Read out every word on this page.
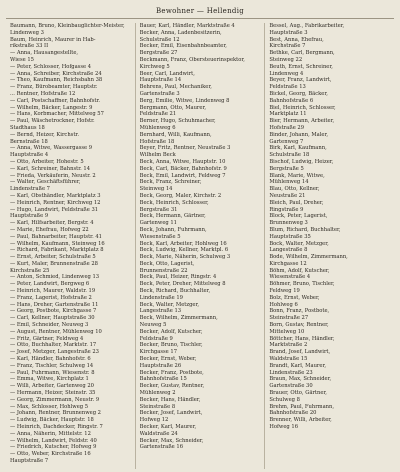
Bewohner — Hellendig
Baumann, Bruno, Kleinbauglichter-Meister,
Lindenweg 3
Baum, Heinrich, Maurer in Hab-
rikstraße 33 II
— Anna, Hausangestellte,
Wiese 15
— Peter, Schlosser, Hofgasse 4
— Anna, Schreiber, Kirchstraße 24
— Theo, Kaufmann, Reichsbahn 38
— Franz, Bürobeamter, Hauptstr.
... Rentner, Hofstraße 12
— Carl, Postschaffner, Bahnhofstr.
— Wilhelm, Bäcker, Langestr. 9
— Hans, Korbmacher, Mittelweg 57
— Paul, Wäschetrockner, Hofstr.
Stadthaus 18
— Bernd, Heizer, Kirchstr.
Bernstraße 18
— Anna, Witwe, Wassergasse 9
Hauptstraße 4
— Otto, Arbeiter, Hohestr. 5
— Karl, Schreiner, Bahnstr. 14
— Frieda, Verkäuferin, Neustr. 2
— Walter, Geschäftsführer,
Lindenstraße 7
— Karl, Obsthändler, Marktplatz 3
— Heinrich, Rentner, Kirchweg 12
— Hugo, Landwirt, Feldstraße 31
Hauptstraße 9
— Karl, Hilfsarbeiter, Bergstr. 4
— Marie, Ehefrau, Hofweg 22
— Paul, Bahnarbeiter, Hauptstr. 41
— Wilhelm, Kaufmann, Steinweg 16
— Richard, Fabrikant, Marktplatz 8
— Ernst, Arbeiter, Schulstraße 5
— Kurt, Maler, Brunnenstraße 28
Kirchstraße 25
— Anton, Schmied, Lindenweg 13
— Peter, Landwirt, Bergweg 6
— Heinrich, Maurer, Waldstr. 19
— Franz, Lagerist, Hofstraße 2
— Hans, Dreher, Gartenstraße 11
— Georg, Postbote, Kirchgasse 7
— Carl, Kellner, Hauptstraße 30
— Emil, Schneider, Neuweg 3
— August, Rentner, Mühlenweg 10
— Fritz, Gärtner, Feldweg 4
— Otto, Buchhalter, Marktstr. 17
— Josef, Metzger, Langestraße 23
— Karl, Händler, Bahnhofstr. 6
— Franz, Tischler, Schulweg 14
— Paul, Fuhrmann, Wiesenstr. 8
— Emma, Witwe, Kirchplatz 1
— Willi, Arbeiter, Gartenweg 20
— Hermann, Heizer, Steinstr. 35
— Georg, Zimmermann, Neustr. 9
— Max, Schlosser, Hohlweg 5
— Johann, Rentner, Brunnenweg 2
— Ludwig, Bäcker, Hauptstr. 18
— Heinrich, Dachdecker, Ringstr. 7
— Anna, Näherin, Mittelstr. 12
— Wilhelm, Landwirt, Feldstr. 40
— Friedrich, Kutscher, Hofweg 9
— Otto, Weber, Kirchstraße 16
Hauptstraße 7
Bauer, Karl, Händler, Marktstraße 4
Becker, Anna, Ladenbesitzerin,
Schulstraße 12
Becker, Emil, Eisenbahnbeamter,
Bergstraße 27
Beckmann, Franz, Obersteuerinspektor,
Kirchweg 5
Beer, Carl, Landwirt,
Hauptstraße 14
Behrens, Paul, Mechaniker,
Gartenstraße 3
Berg, Emilie, Witwe, Lindenweg 8
Bergmann, Otto, Maurer,
Feldstraße 21
Berner, Hugo, Schuhmacher,
Mühlenweg 6
Bernhard, Willi, Kaufmann,
Hofstraße 18
Beyer, Fritz, Rentner, Neustraße 3
Wilhelm Beck
Beck, Anna, Witwe, Hauptstr. 10
Beck, Carl, Bäcker, Bahnhofstr. 9
Beck, Emil, Landwirt, Feldweg 7
Beck, Franz, Schreiner,
Steinweg 14
Beck, Georg, Maler, Kirchstr. 2
Beck, Heinrich, Schlosser,
Bergstraße 31
Beck, Hermann, Gärtner,
Gartenweg 11
Beck, Johann, Fuhrmann,
Wiesenstraße 5
Beck, Karl, Arbeiter, Hohlweg 16
Beck, Ludwig, Kellner, Marktpl. 6
Beck, Marie, Näherin, Schulweg 3
Beck, Otto, Lagerist,
Brunnenstraße 22
Beck, Paul, Heizer, Ringstr. 4
Beck, Peter, Dreher, Mittelweg 8
Beck, Richard, Buchhalter,
Lindenstraße 19
Beck, Walter, Metzger,
Langestraße 13
Beck, Wilhelm, Zimmermann,
Neuweg 5
Becker, Adolf, Kutscher,
Feldstraße 9
Becker, Bruno, Tischler,
Kirchgasse 17
Becker, Ernst, Weber,
Hauptstraße 26
Becker, Franz, Postbote,
Bahnhofstraße 15
Becker, Gustav, Rentner,
Mühlenweg 2
Becker, Hans, Händler,
Steinstraße 8
Becker, Josef, Landwirt,
Hofweg 12
Becker, Karl, Maurer,
Waldstraße 24
Becker, Max, Schneider,
Gartenstraße 16
Bessel, Aug., Fabrikarbeiter,
Hauptstraße 3
Best, Anna, Ehefrau,
Kirchstraße 7
Bethke, Carl, Bergmann,
Steinweg 22
Beuth, Ernst, Schreiner,
Lindenweg 4
Beyer, Franz, Landwirt,
Feldstraße 13
Bickel, Georg, Bäcker,
Bahnhofstraße 6
Biel, Heinrich, Schlosser,
Marktplatz 11
Bier, Hermann, Arbeiter,
Hofstraße 29
Binder, Johann, Maler,
Gartenweg 7
Birk, Karl, Kaufmann,
Schulstraße 18
Bischof, Ludwig, Heizer,
Bergstraße 5
Blank, Marie, Witwe,
Mühlenweg 14
Blau, Otto, Kellner,
Neustraße 21
Bleich, Paul, Dreher,
Ringstraße 9
Block, Peter, Lagerist,
Brunnenweg 3
Blum, Richard, Buchhalter,
Hauptstraße 35
Bock, Walter, Metzger,
Langestraße 8
Bode, Wilhelm, Zimmermann,
Kirchgasse 12
Böhm, Adolf, Kutscher,
Wiesenstraße 4
Böhmer, Bruno, Tischler,
Feldweg 19
Bolz, Ernst, Weber,
Hohlweg 6
Bonn, Franz, Postbote,
Steinstraße 27
Born, Gustav, Rentner,
Mittelweg 10
Böttcher, Hans, Händler,
Marktstraße 2
Brand, Josef, Landwirt,
Waldstraße 15
Brandt, Karl, Maurer,
Lindenstraße 23
Braun, Max, Schneider,
Gartenstraße 30
Brauer, Otto, Gärtner,
Schulweg 8
Brehm, Paul, Fuhrmann,
Bahnhofstraße 20
Brenner, Willi, Arbeiter,
Hofweg 16
